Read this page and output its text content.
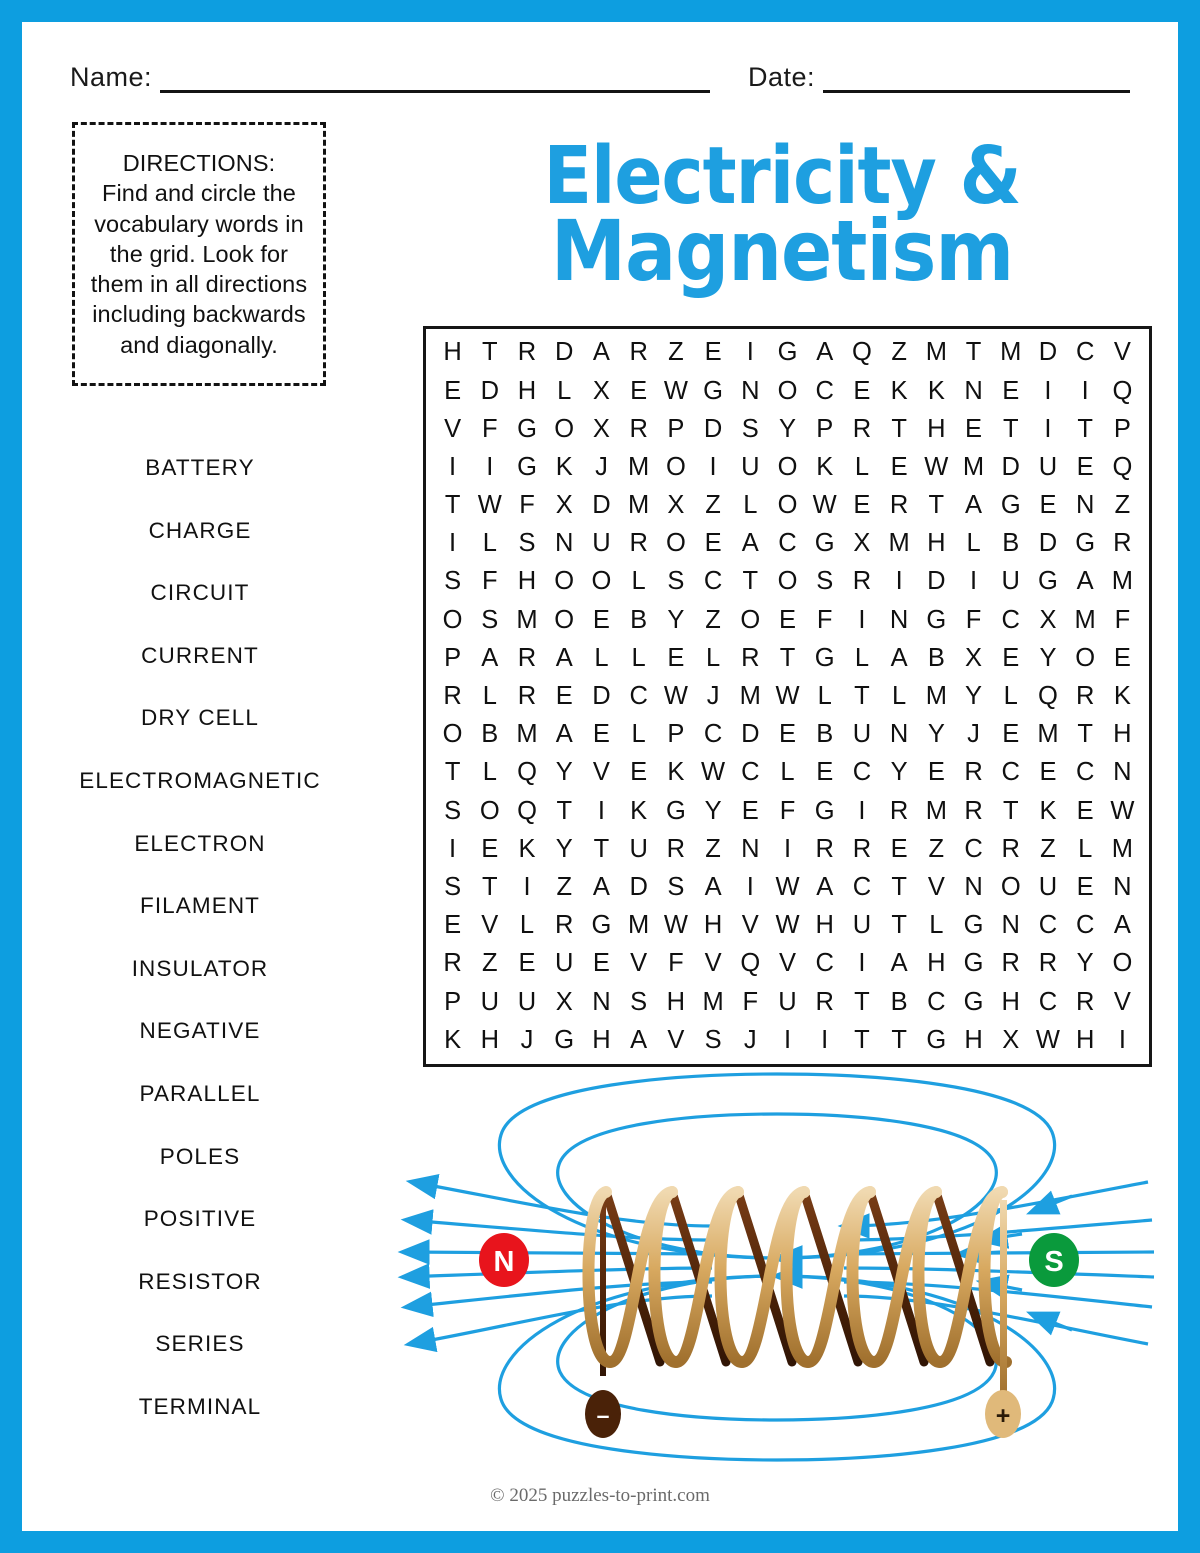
Name:	Date:
DIRECTIONS:
Find and circle the vocabulary words in the grid. Look for them in all directions including backwards and diagonally.
BATTERY
CHARGE
CIRCUIT
CURRENT
DRY CELL
ELECTROMAGNETIC
ELECTRON
FILAMENT
INSULATOR
NEGATIVE
PARALLEL
POLES
POSITIVE
RESISTOR
SERIES
TERMINAL
Electricity &
Magnetism
H T R D A R Z E I G A Q Z M T M D C V
E D H L X E W G N O C E K K N E I	I Q
V F G O X R P D S Y P R T H E T	I	T P
I	I G K J M O I U O K L E W M D U E Q
T W F X D M X Z L O W E R T A G E N Z
I	L S N U R O E A C G X M H L B D G R
S F H O O L S C T O S R I D I U G A M
O S M O E B Y Z O E F	I N G F C X M F
P A R A L L E L R T G L A B X E Y O E
R L R E D C W J M W L T L M Y L Q R K
O B M A E L P C D E B U N Y J E M T H
T L Q Y V E K W C L E C Y E R C E C N
S O Q T	I K G Y E F G I R M R T K E W
I E K Y T U R Z N I R R E Z C R Z L M
S T	I	Z A D S A I W A C T V N O U E N
E V L R G M W H V W H U T L G N C C A
R Z E U E V F V Q V C I A H G R R Y O
P U U X N S H M F U R T B C G H C R V
K H J G H A V S J	I	I	T T G H X W H I
–	+
N	S
© 2025 puzzles-to-print.com
